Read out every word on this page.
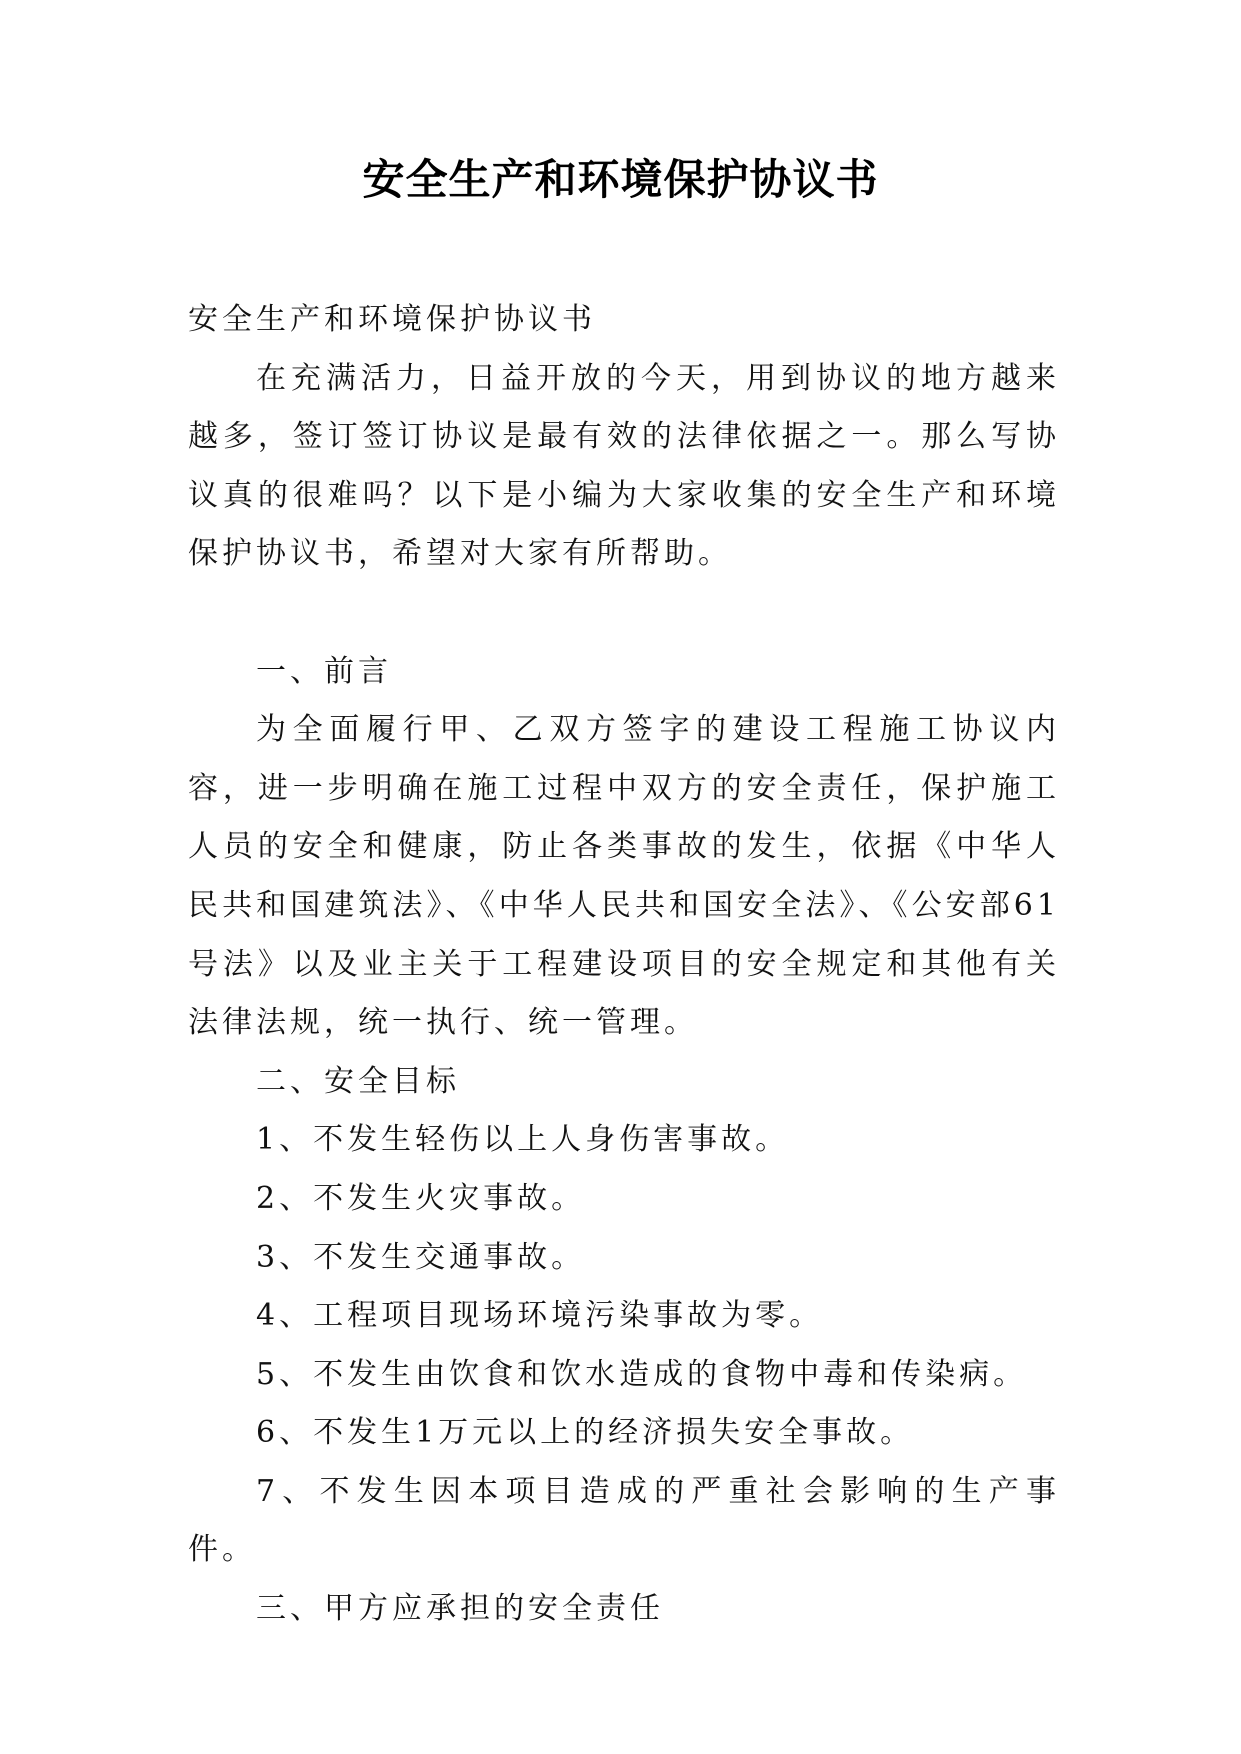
安全生产和环境保护协议书

安全生产和环境保护协议书

在充满活力，日益开放的今天，用到协议的地方越来越多，签订签订协议是最有效的法律依据之一。那么写协议真的很难吗？以下是小编为大家收集的安全生产和环境保护协议书，希望对大家有所帮助。

一、前言

为全面履行甲、乙双方签字的建设工程施工协议内容，进一步明确在施工过程中双方的安全责任，保护施工人员的安全和健康，防止各类事故的发生，依据《中华人民共和国建筑法》、《中华人民共和国安全法》、《公安部61号法》以及业主关于工程建设项目的安全规定和其他有关法律法规，统一执行、统一管理。

二、安全目标

1、不发生轻伤以上人身伤害事故。

2、不发生火灾事故。

3、不发生交通事故。

4、工程项目现场环境污染事故为零。

5、不发生由饮食和饮水造成的食物中毒和传染病。

6、不发生1万元以上的经济损失安全事故。

7、不发生因本项目造成的严重社会影响的生产事件。

三、甲方应承担的安全责任
